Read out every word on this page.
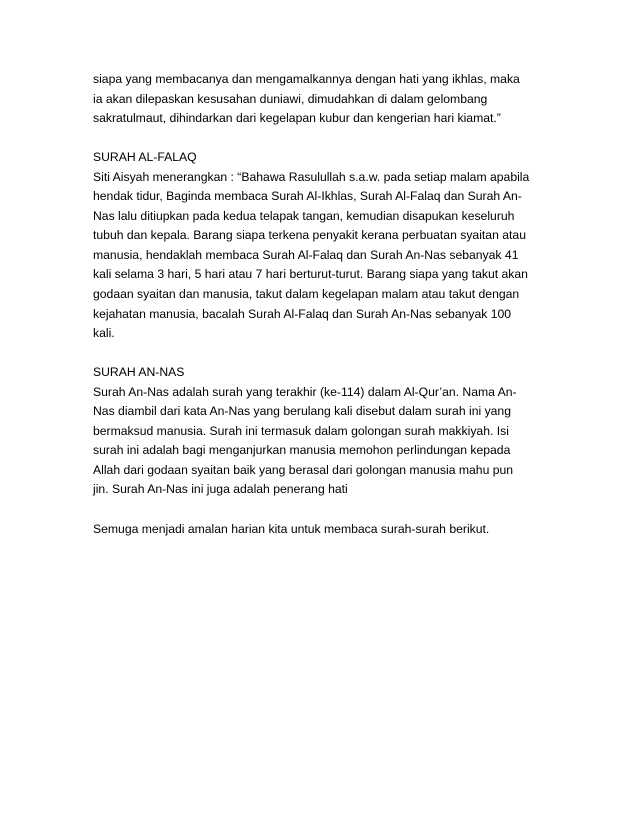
siapa yang membacanya dan mengamalkannya dengan hati yang ikhlas, maka
ia akan dilepaskan kesusahan duniawi, dimudahkan di dalam gelombang
sakratulmaut, dihindarkan dari kegelapan kubur dan kengerian hari kiamat.”
SURAH AL-FALAQ
Siti Aisyah menerangkan : “Bahawa Rasulullah s.a.w. pada setiap malam apabila
hendak tidur, Baginda membaca Surah Al-Ikhlas, Surah Al-Falaq dan Surah An-
Nas lalu ditiupkan pada kedua telapak tangan, kemudian disapukan keseluruh
tubuh dan kepala. Barang siapa terkena penyakit kerana perbuatan syaitan atau
manusia, hendaklah membaca Surah Al-Falaq dan Surah An-Nas sebanyak 41
kali selama 3 hari, 5 hari atau 7 hari berturut-turut. Barang siapa yang takut akan
godaan syaitan dan manusia, takut dalam kegelapan malam atau takut dengan
kejahatan manusia, bacalah Surah Al-Falaq dan Surah An-Nas sebanyak 100
kali.
SURAH AN-NAS
Surah An-Nas adalah surah yang terakhir (ke-114) dalam Al-Qur’an. Nama An-
Nas diambil dari kata An-Nas yang berulang kali disebut dalam surah ini yang
bermaksud manusia. Surah ini termasuk dalam golongan surah makkiyah. Isi
surah ini adalah bagi menganjurkan manusia memohon perlindungan kepada
Allah dari godaan syaitan baik yang berasal dari golongan manusia mahu pun
jin. Surah An-Nas ini juga adalah penerang hati
Semuga menjadi amalan harian kita untuk membaca surah-surah berikut.
